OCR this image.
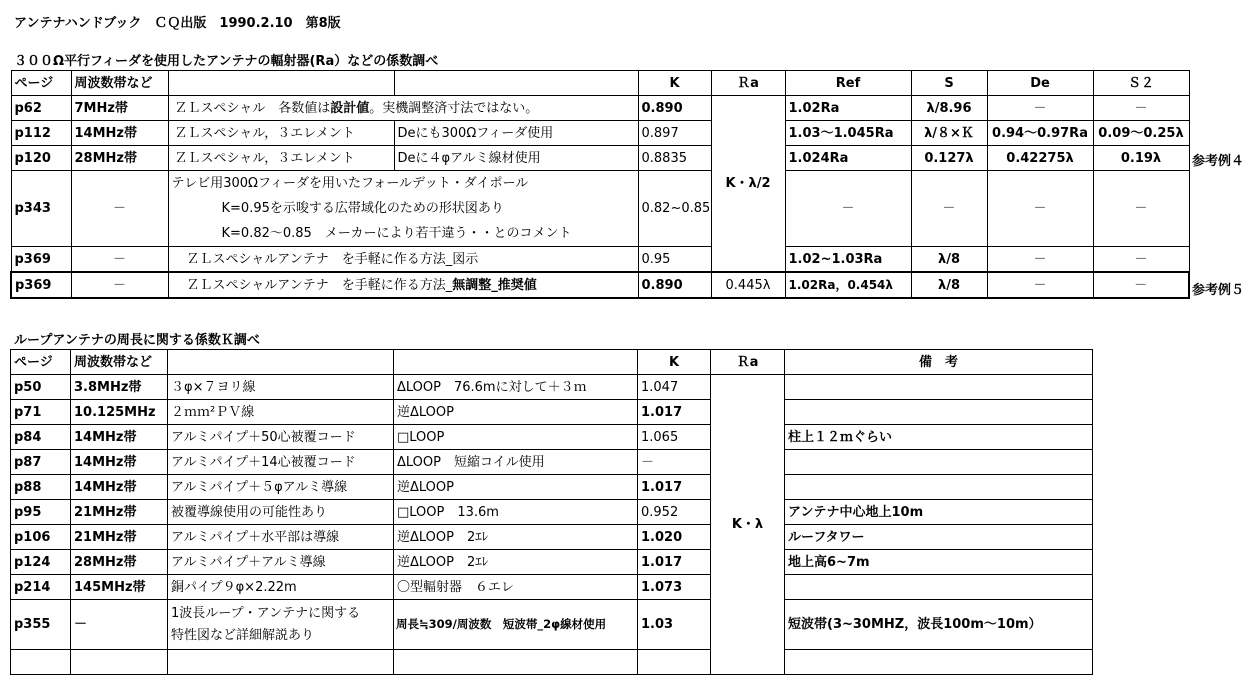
アンテナハンドブック　ＣＱ出版　1990.2.10　第8版
３００Ω平行フィーダを使用したアンテナの輻射器(Ra）などの係数調べ
ページ	周波数帯など			K	Ｒa	Ref	S	De	Ｓ２
p62	7MHz帯	ＺＬスペシャル　各数値は設計値。実機調整済寸法ではない。		0.890	K・λ/2	1.02Ra	λ/8.96	－	－
p112	14MHz帯	ＺＬスペシャル，３エレメント	Deにも300Ωフィーダ使用	0.897		1.03～1.045Ra	λ/８×Ｋ	0.94～0.97Ra	0.09～0.25λ
p120	28MHz帯	ＺＬスペシャル，３エレメント	Deに４φアルミ線材使用	0.8835		1.024Ra	0.127λ	0.42275λ	0.19λ
p343	－	テレビ用300Ωフィーダを用いたフォールデット・ダイポール
K=0.95を示唆する広帯域化のための形状図あり
K=0.82～0.85　メーカーにより若干違う・・とのコメント		0.82~0.85		－	－	－	－
p369	－	ＺＬスペシャルアンテナ　を手軽に作る方法_図示		0.95		1.02~1.03Ra	λ/8	－	－
p369	－	ＺＬスペシャルアンテナ　を手軽に作る方法_無調整_推奨値		0.890	0.445λ	1.02Ra，0.454λ	λ/8	－	－
参考例４
参考例５
ループアンテナの周長に関する係数Ｋ調べ
ページ	周波数帯など			K	Ｒa	備　考
p50	3.8MHz帯	３φ×７ヨリ線	ΔLOOP　76.6mに対して＋３ｍ	1.047	K・λ	
p71	10.125MHz	２ｍｍ²ＰＶ線	逆ΔLOOP	1.017		
p84	14MHz帯	アルミパイプ＋50心被覆コード	□LOOP	1.065		柱上１２ｍぐらい
p87	14MHz帯	アルミパイプ＋14心被覆コード	ΔLOOP　短縮コイル使用	－		
p88	14MHz帯	アルミパイプ＋５φアルミ導線	逆ΔLOOP	1.017		
p95	21MHz帯	被覆導線使用の可能性あり	□LOOP　13.6m	0.952		アンテナ中心地上10m
p106	21MHz帯	アルミパイプ＋水平部は導線	逆ΔLOOP　2ｴﾚ	1.020		ルーフタワー
p124	28MHz帯	アルミパイプ＋アルミ導線	逆ΔLOOP　2ｴﾚ	1.017		地上高6~7m
p214	145MHz帯	銅パイプ９φ×2.22m	〇型輻射器　６エレ	1.073		
p355	－	1波長ループ・アンテナに関する
特性図など詳細解説あり	周長≒309/周波数　短波帯_2φ線材使用	1.03		短波帯(3~30MHZ，波長100m～10m）
